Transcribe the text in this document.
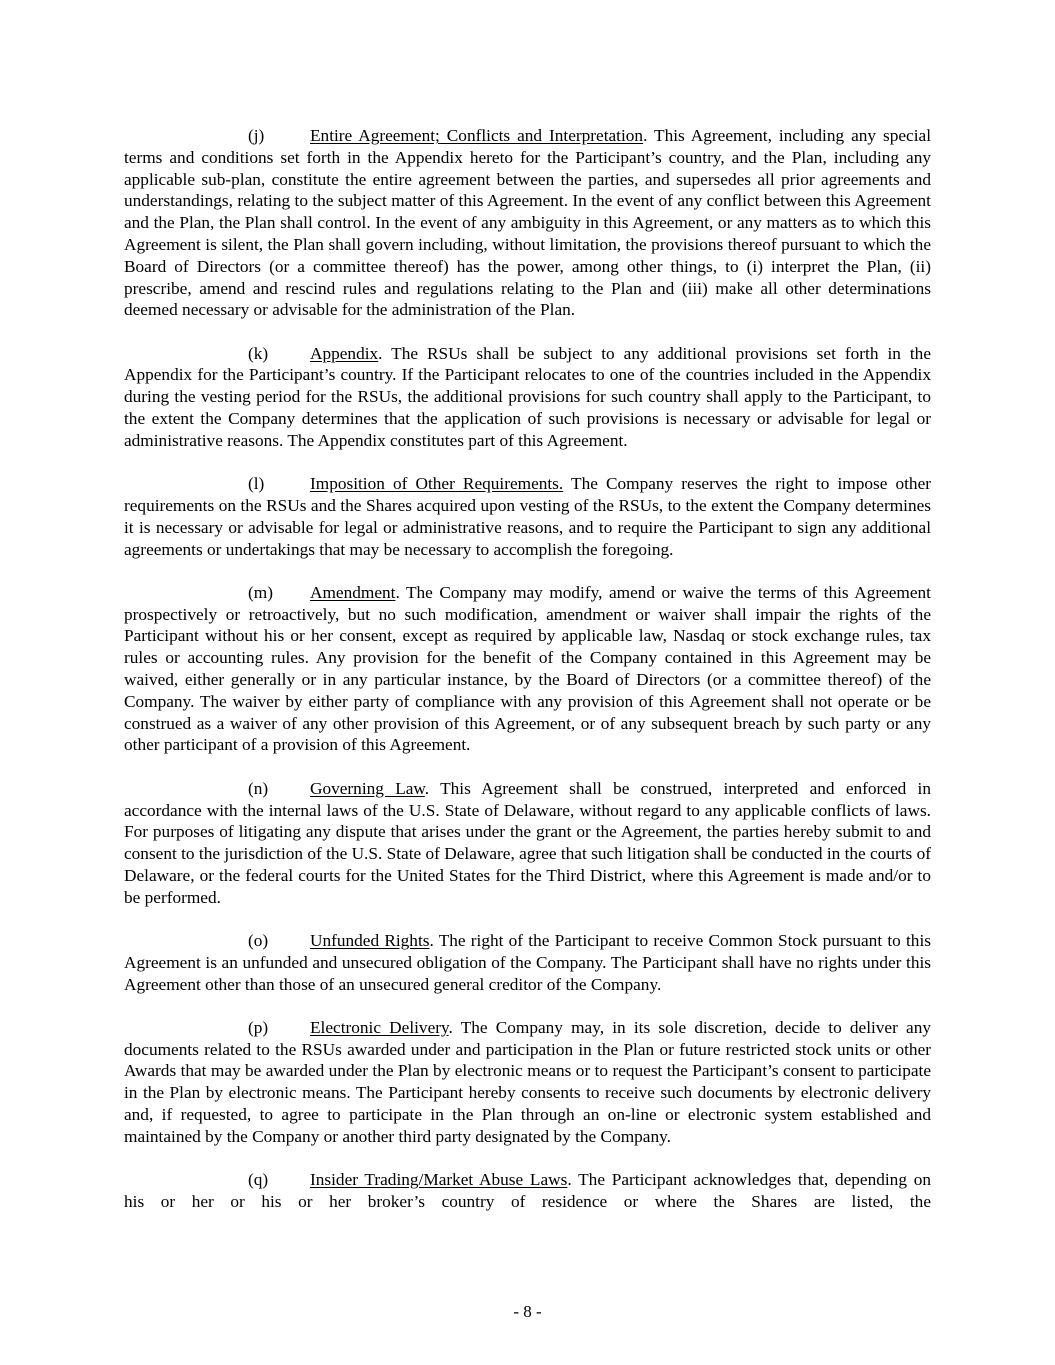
(j)	Entire Agreement; Conflicts and Interpretation. This Agreement, including any special terms and conditions set forth in the Appendix hereto for the Participant’s country, and the Plan, including any applicable sub-plan, constitute the entire agreement between the parties, and supersedes all prior agreements and understandings, relating to the subject matter of this Agreement. In the event of any conflict between this Agreement and the Plan, the Plan shall control. In the event of any ambiguity in this Agreement, or any matters as to which this Agreement is silent, the Plan shall govern including, without limitation, the provisions thereof pursuant to which the Board of Directors (or a committee thereof) has the power, among other things, to (i) interpret the Plan, (ii) prescribe, amend and rescind rules and regulations relating to the Plan and (iii) make all other determinations deemed necessary or advisable for the administration of the Plan.

(k) Appendix. The RSUs shall be subject to any additional provisions set forth in the Appendix for the Participant’s country. If the Participant relocates to one of the countries included in the Appendix during the vesting period for the RSUs, the additional provisions for such country shall apply to the Participant, to the extent the Company determines that the application of such provisions is necessary or advisable for legal or administrative reasons. The Appendix constitutes part of this Agreement.

(l)	Imposition of Other Requirements. The Company reserves the right to impose other requirements on the RSUs and the Shares acquired upon vesting of the RSUs, to the extent the Company determines it is necessary or advisable for legal or administrative reasons, and to require the Participant to sign any additional agreements or undertakings that may be necessary to accomplish the foregoing.

(m) Amendment. The Company may modify, amend or waive the terms of this Agreement prospectively or retroactively, but no such modification, amendment or waiver shall impair the rights of the Participant without his or her consent, except as required by applicable law, Nasdaq or stock exchange rules, tax rules or accounting rules. Any provision for the benefit of the Company contained in this Agreement may be waived, either generally or in any particular instance, by the Board of Directors (or a committee thereof) of the Company. The waiver by either party of compliance with any provision of this Agreement shall not operate or be construed as a waiver of any other provision of this Agreement, or of any subsequent breach by such party or any other participant of a provision of this Agreement.

(n) Governing Law. This Agreement shall be construed, interpreted and enforced in accordance with the internal laws of the U.S. State of Delaware, without regard to any applicable conflicts of laws. For purposes of litigating any dispute that arises under the grant or the Agreement, the parties hereby submit to and consent to the jurisdiction of the U.S. State of Delaware, agree that such litigation shall be conducted in the courts of Delaware, or the federal courts for the United States for the Third District, where this Agreement is made and/or to be performed.

(o) Unfunded Rights. The right of the Participant to receive Common Stock pursuant to this Agreement is an unfunded and unsecured obligation of the Company. The Participant shall have no rights under this Agreement other than those of an unsecured general creditor of the Company.

(p) Electronic Delivery. The Company may, in its sole discretion, decide to deliver any documents related to the RSUs awarded under and participation in the Plan or future restricted stock units or other Awards that may be awarded under the Plan by electronic means or to request the Participant’s consent to participate in the Plan by electronic means. The Participant hereby consents to receive such documents by electronic delivery and, if requested, to agree to participate in the Plan through an on-line or electronic system established and maintained by the Company or another third party designated by the Company.

(q) Insider Trading/Market Abuse Laws. The Participant acknowledges that, depending on his or her or his or her broker’s country of residence or where the Shares are listed, the

- 8 -
